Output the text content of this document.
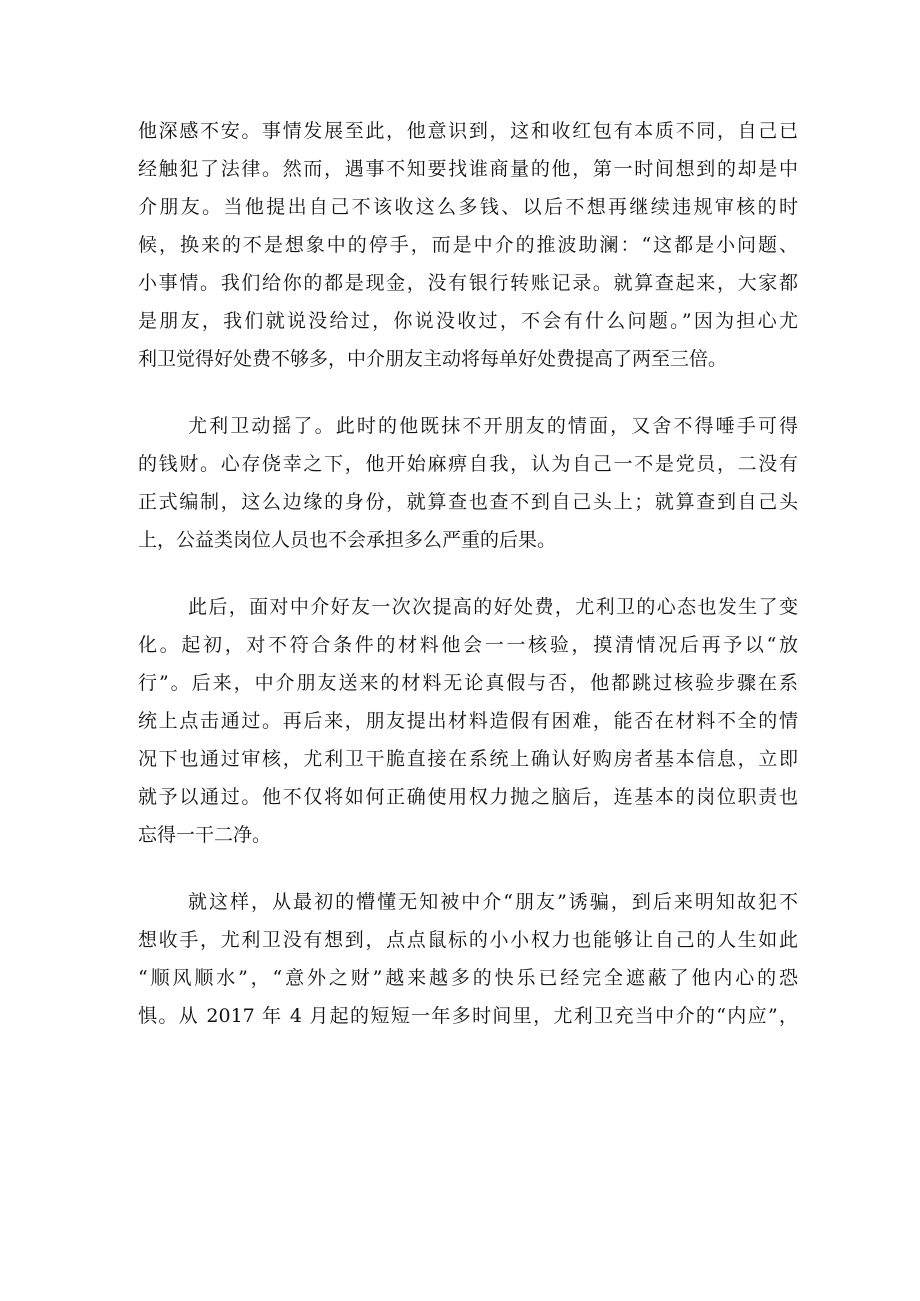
他深感不安。事情发展至此，他意识到，这和收红包有本质不同，自己已
经触犯了法律。然而，遇事不知要找谁商量的他，第一时间想到的却是中
介朋友。当他提出自己不该收这么多钱、以后不想再继续违规审核的时
候，换来的不是想象中的停手，而是中介的推波助澜：“这都是小问题、
小事情。我们给你的都是现金，没有银行转账记录。就算查起来，大家都
是朋友，我们就说没给过，你说没收过，不会有什么问题。”因为担心尤
利卫觉得好处费不够多，中介朋友主动将每单好处费提高了两至三倍。

尤利卫动摇了。此时的他既抹不开朋友的情面，又舍不得唾手可得
的钱财。心存侥幸之下，他开始麻痹自我，认为自己一不是党员，二没有
正式编制，这么边缘的身份，就算查也查不到自己头上；就算查到自己头
上，公益类岗位人员也不会承担多么严重的后果。

此后，面对中介好友一次次提高的好处费，尤利卫的心态也发生了变
化。起初，对不符合条件的材料他会一一核验，摸清情况后再予以“放
行”。后来，中介朋友送来的材料无论真假与否，他都跳过核验步骤在系
统上点击通过。再后来，朋友提出材料造假有困难，能否在材料不全的情
况下也通过审核，尤利卫干脆直接在系统上确认好购房者基本信息，立即
就予以通过。他不仅将如何正确使用权力抛之脑后，连基本的岗位职责也
忘得一干二净。

就这样，从最初的懵懂无知被中介“朋友”诱骗，到后来明知故犯不
想收手，尤利卫没有想到，点点鼠标的小小权力也能够让自己的人生如此
“顺风顺水”，“意外之财”越来越多的快乐已经完全遮蔽了他内心的恐
惧。从 2017 年 4 月起的短短一年多时间里，尤利卫充当中介的“内应”，
